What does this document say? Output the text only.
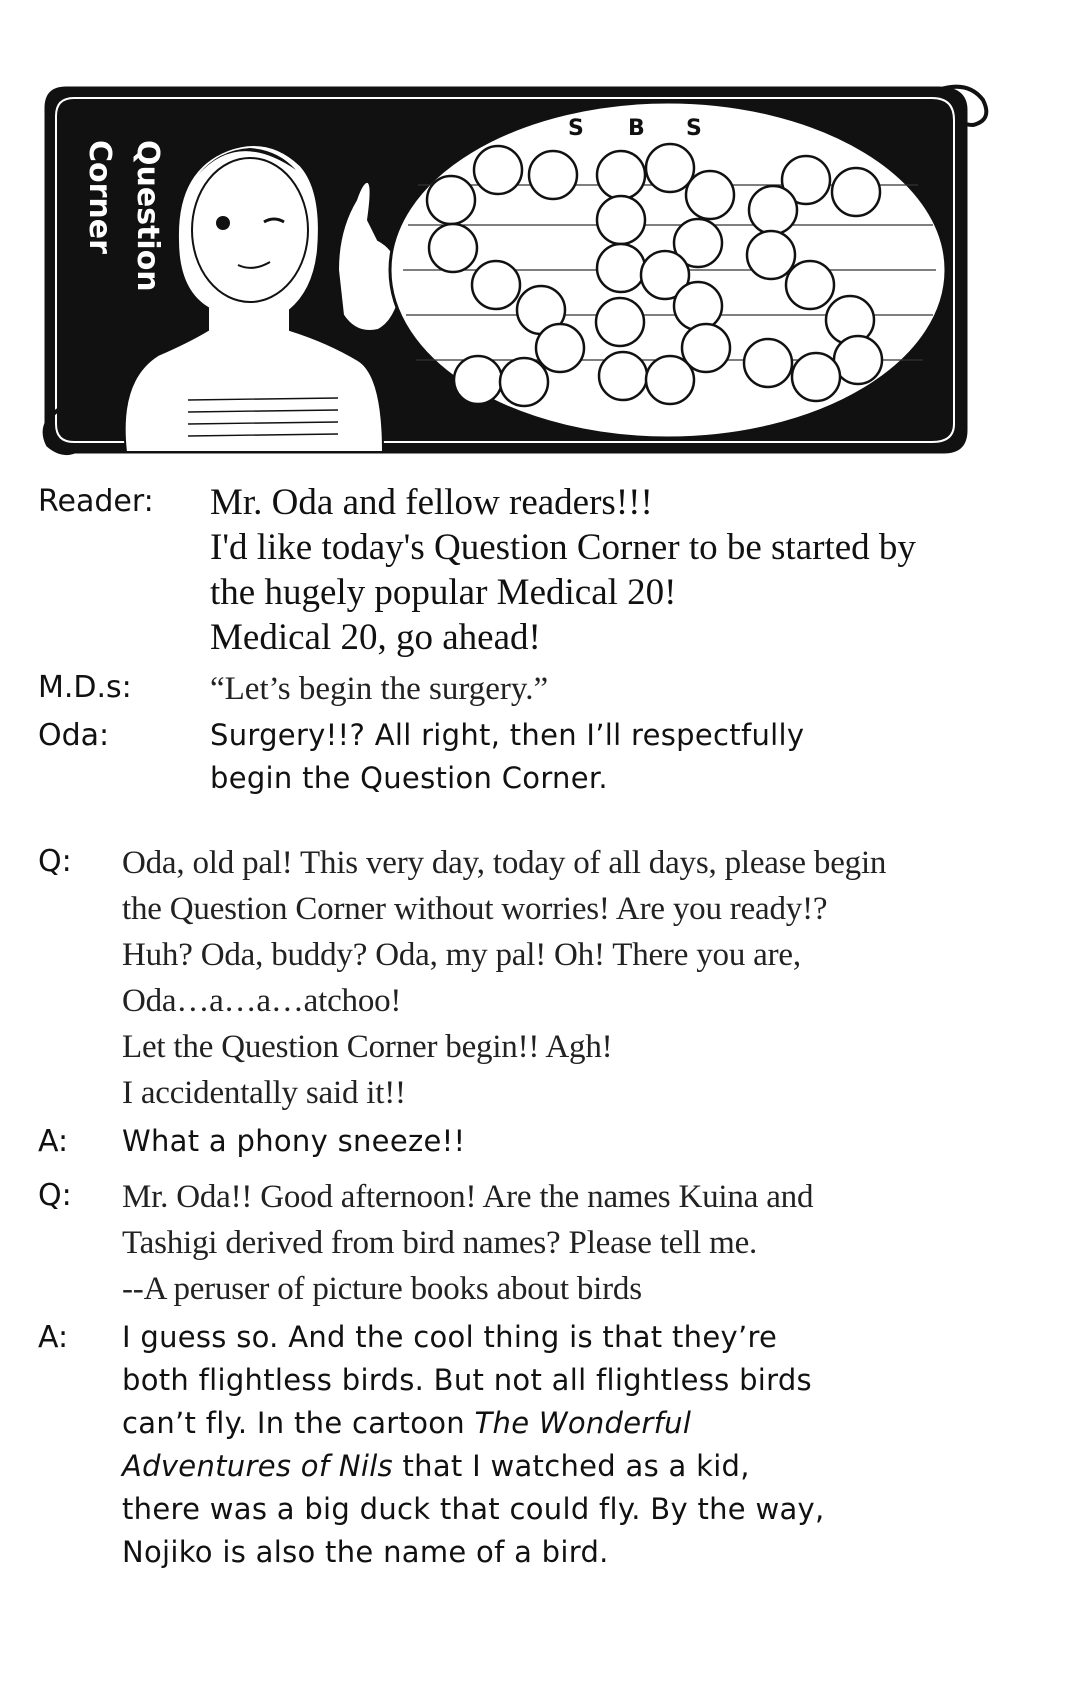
Question
Corner
S B S
Reader:	Mr. Oda and fellow readers!!!
I'd like today's Question Corner to be started by
the hugely popular Medical 20!
Medical 20, go ahead!
M.D.s:	“Let’s begin the surgery.”
Oda:	Surgery!!? All right, then I’ll respectfully
begin the Question Corner.
Q:	Oda, old pal! This very day, today of all days, please begin
the Question Corner without worries! Are you ready!?
Huh? Oda, buddy? Oda, my pal! Oh! There you are,
Oda…a…a…atchoo!
Let the Question Corner begin!! Agh!
I accidentally said it!!
A:	What a phony sneeze!!
Q:	Mr. Oda!! Good afternoon! Are the names Kuina and
Tashigi derived from bird names? Please tell me.
--A peruser of picture books about birds
A:	I guess so. And the cool thing is that they’re
both flightless birds. But not all flightless birds
can’t fly. In the cartoon The Wonderful
Adventures of Nils that I watched as a kid,
there was a big duck that could fly. By the way,
Nojiko is also the name of a bird.
